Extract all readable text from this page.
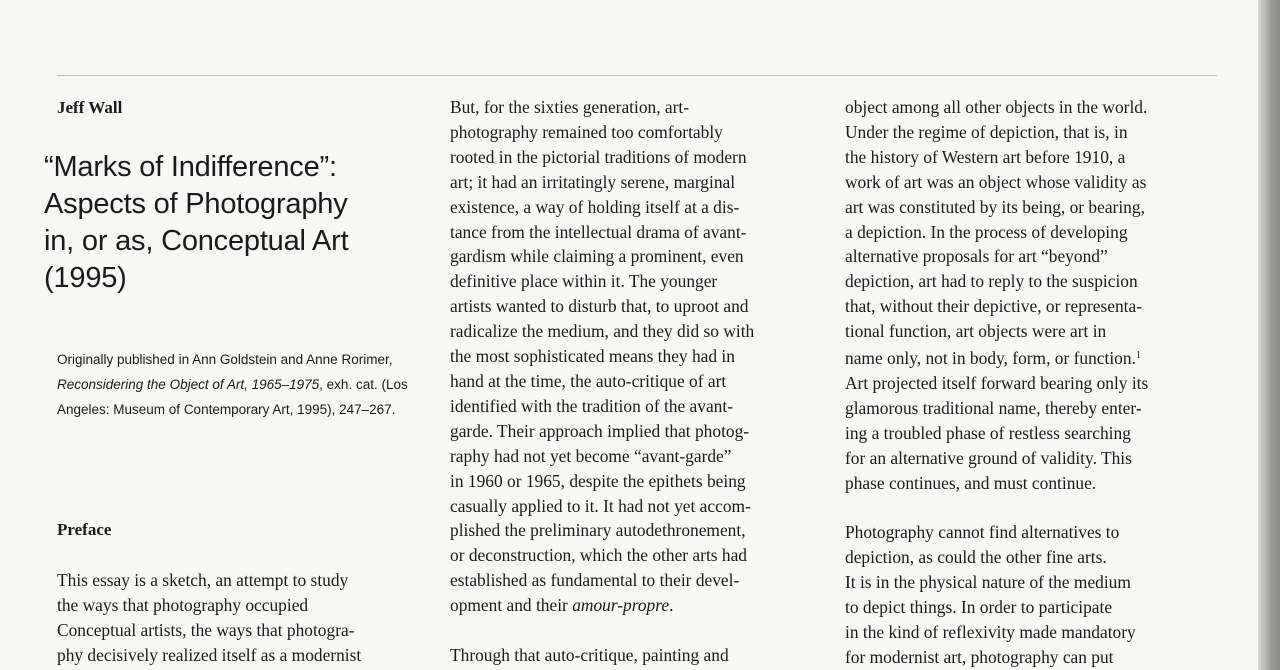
Jeff Wall

“Marks of Indifference”:
Aspects of Photography
in, or as, Conceptual Art
(1995)

Originally published in Ann Goldstein and Anne Rorimer, Reconsidering the Object of Art, 1965–1975, exh. cat. (Los Angeles: Museum of Contemporary Art, 1995), 247–267.

Preface
This essay is a sketch, an attempt to study
the ways that photography occupied
Conceptual artists, the ways that photogra-
phy decisively realized itself as a modernist
But, for the sixties generation, art-
photography remained too comfortably
rooted in the pictorial traditions of modern
art; it had an irritatingly serene, marginal
existence, a way of holding itself at a dis-
tance from the intellectual drama of avant-
gardism while claiming a prominent, even
definitive place within it. The younger
artists wanted to disturb that, to uproot and
radicalize the medium, and they did so with
the most sophisticated means they had in
hand at the time, the auto-critique of art
identified with the tradition of the avant-
garde. Their approach implied that photog-
raphy had not yet become “avant-garde”
in 1960 or 1965, despite the epithets being
casually applied to it. It had not yet accom-
plished the preliminary autodethronement,
or deconstruction, which the other arts had
established as fundamental to their devel-
opment and their amour-propre.
Through that auto-critique, painting and
object among all other objects in the world.
Under the regime of depiction, that is, in
the history of Western art before 1910, a
work of art was an object whose validity as
art was constituted by its being, or bearing,
a depiction. In the process of developing
alternative proposals for art “beyond”
depiction, art had to reply to the suspicion
that, without their depictive, or representa-
tional function, art objects were art in
name only, not in body, form, or function.$^1$
Art projected itself forward bearing only its
glamorous traditional name, thereby enter-
ing a troubled phase of restless searching
for an alternative ground of validity. This
phase continues, and must continue.
Photography cannot find alternatives to
depiction, as could the other fine arts.
It is in the physical nature of the medium
to depict things. In order to participate
in the kind of reflexivity made mandatory
for modernist art, photography can put
